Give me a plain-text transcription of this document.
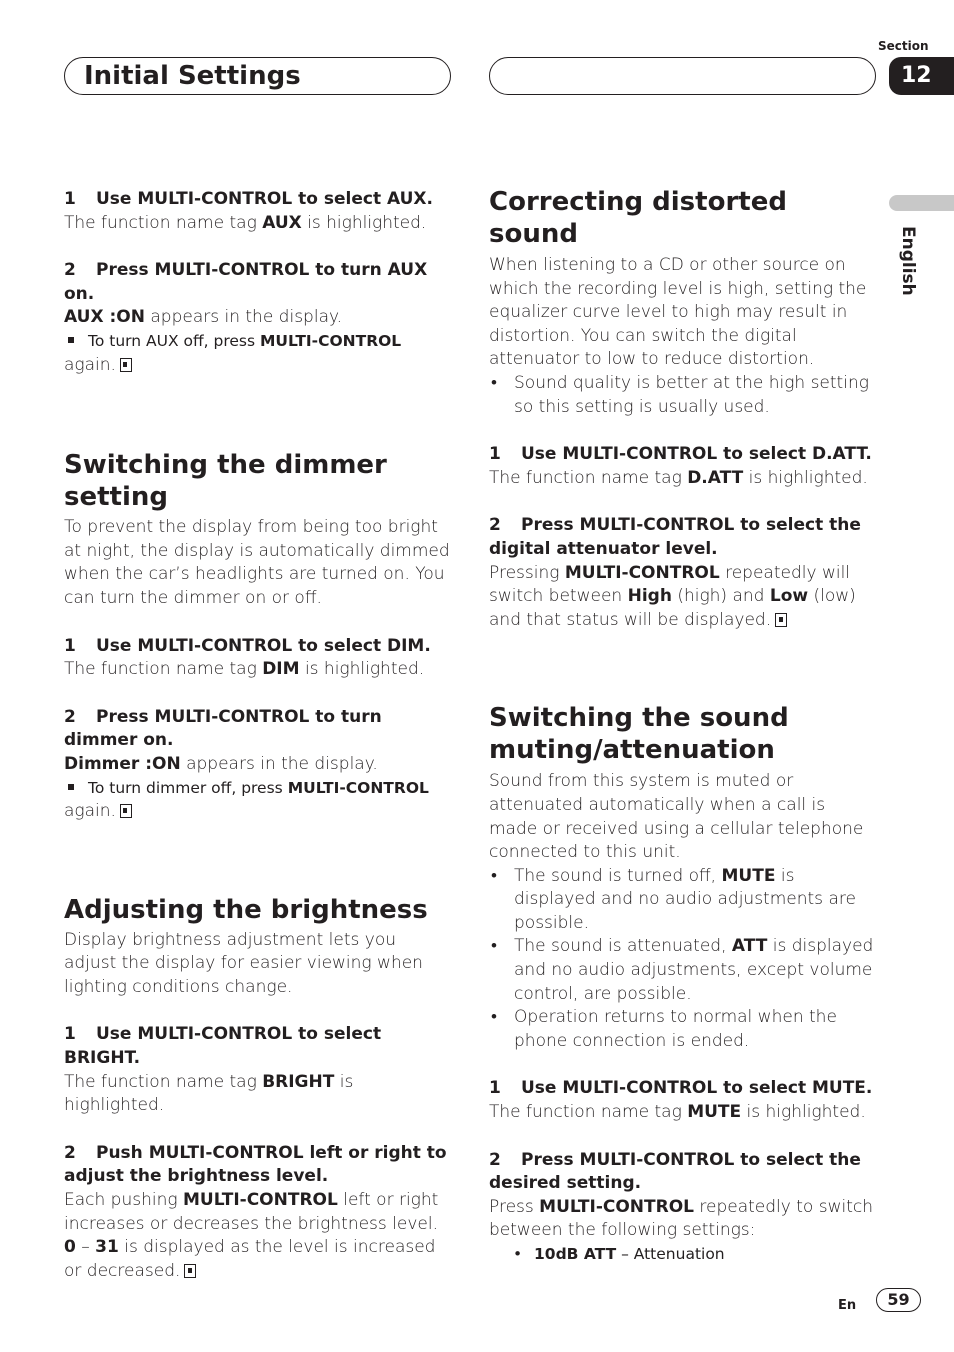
Initial Settings
Section
12
English

1 Use MULTI-CONTROL to select AUX.

The function name tag AUX is highlighted.

2 Press MULTI-CONTROL to turn AUX on.

AUX :ON appears in the display.

To turn AUX off, press MULTI-CONTROL

again.

Switching the dimmer setting

To prevent the display from being too bright at night, the display is automatically dimmed when the car’s headlights are turned on. You can turn the dimmer on or off.

1 Use MULTI-CONTROL to select DIM.

The function name tag DIM is highlighted.

2 Press MULTI-CONTROL to turn dimmer on.

Dimmer :ON appears in the display.

To turn dimmer off, press MULTI-CONTROL

again.

Adjusting the brightness

Display brightness adjustment lets you adjust the display for easier viewing when lighting conditions change.

1 Use MULTI-CONTROL to select BRIGHT.

The function name tag BRIGHT is highlighted.

2 Push MULTI-CONTROL left or right to adjust the brightness level.

Each pushing MULTI-CONTROL left or right increases or decreases the brightness level. 0 – 31 is displayed as the level is increased or decreased.

Correcting distorted sound

When listening to a CD or other source on which the recording level is high, setting the equalizer curve level to high may result in distortion. You can switch the digital attenuator to low to reduce distortion.

• Sound quality is better at the high setting so this setting is usually used.

1 Use MULTI-CONTROL to select D.ATT.

The function name tag D.ATT is highlighted.

2 Press MULTI-CONTROL to select the digital attenuator level.

Pressing MULTI-CONTROL repeatedly will switch between High (high) and Low (low) and that status will be displayed.

Switching the sound muting/attenuation

Sound from this system is muted or attenuated automatically when a call is made or received using a cellular telephone connected to this unit.

• The sound is turned off, MUTE is displayed and no audio adjustments are possible.

• The sound is attenuated, ATT is displayed and no audio adjustments, except volume control, are possible.

• Operation returns to normal when the phone connection is ended.

1 Use MULTI-CONTROL to select MUTE.

The function name tag MUTE is highlighted.

2 Press MULTI-CONTROL to select the desired setting.

Press MULTI-CONTROL repeatedly to switch between the following settings:

• 10dB ATT – Attenuation

En	59
